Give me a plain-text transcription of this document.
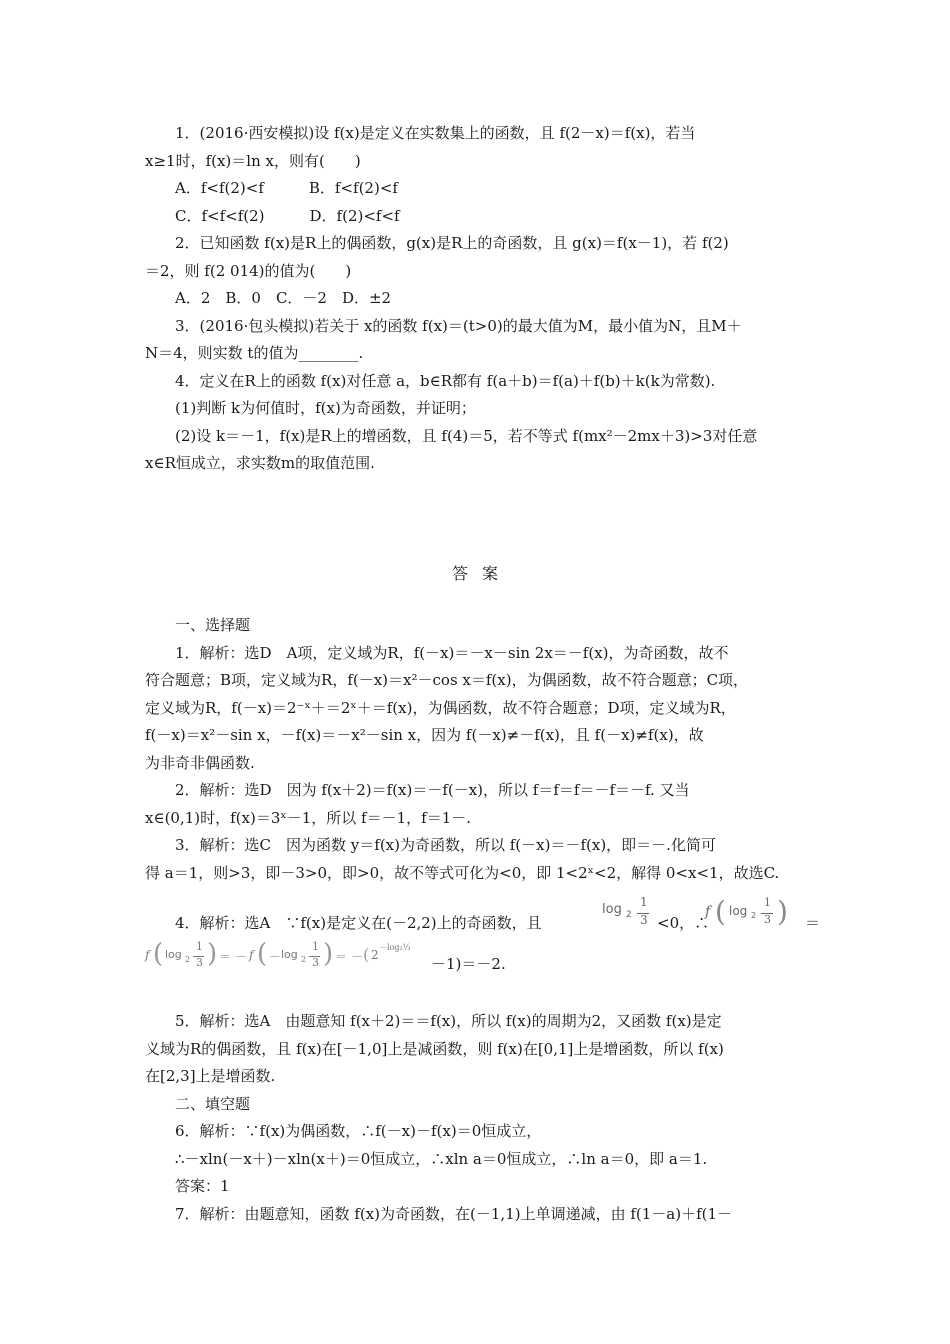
1．(2016·西安模拟)设 f(x)是定义在实数集上的函数，且 f(2－x)＝f(x)，若当
x≥1时，f(x)＝ln x，则有(　　)
A．f<f(2)<f　　　B．f<f(2)<f
C．f<f<f(2)　　　D．f(2)<f<f
2．已知函数 f(x)是R上的偶函数，g(x)是R上的奇函数，且 g(x)＝f(x－1)，若 f(2)
＝2，则 f(2 014)的值为(　　)
A．2　B．0　C．－2　D．±2
3．(2016·包头模拟)若关于 x的函数 f(x)＝(t>0)的最大值为M，最小值为N，且M＋
N＝4，则实数 t的值为________.
4．定义在R上的函数 f(x)对任意 a，b∈R都有 f(a＋b)＝f(a)＋f(b)＋k(k为常数).
(1)判断 k为何值时，f(x)为奇函数，并证明；
(2)设 k＝－1，f(x)是R上的增函数，且 f(4)＝5，若不等式 f(mx²－2mx＋3)>3对任意
x∈R恒成立，求实数m的取值范围.
答案
一、选择题
1．解析：选D　A项，定义域为R，f(－x)＝－x－sin 2x＝－f(x)，为奇函数，故不
符合题意；B项，定义域为R，f(－x)＝x²－cos x＝f(x)，为偶函数，故不符合题意；C项，
定义域为R，f(－x)＝2⁻ˣ＋＝2ˣ＋＝f(x)，为偶函数，故不符合题意；D项，定义域为R，
f(－x)＝x²－sin x，－f(x)＝－x²－sin x，因为 f(－x)≠－f(x)，且 f(－x)≠f(x)，故
为非奇非偶函数.
2．解析：选D　因为 f(x＋2)＝f(x)＝－f(－x)，所以 f＝f＝f＝－f＝－f. 又当
x∈(0,1)时，f(x)＝3ˣ－1，所以 f＝－1，f＝1－.
3．解析：选C　因为函数 y＝f(x)为奇函数，所以 f(－x)＝－f(x)，即＝－.化简可
得 a＝1，则>3，即－3>0，即>0，故不等式可化为<0，即 1<2ˣ<2，解得 0<x<1，故选C.
4．解析：选A　∵f(x)是定义在(－2,2)上的奇函数，且
log 2
1
3 <0，∴
f ( log 2
1
3 ) ＝
f ( log 2
1
3 ) ＝ － f ( － log 2
1
3 ) ＝ － ( 2
－log₂⅓
－1)＝－2.
5．解析：选A　由题意知 f(x＋2)＝＝f(x)，所以 f(x)的周期为2，又函数 f(x)是定
义域为R的偶函数，且 f(x)在[－1,0]上是减函数，则 f(x)在[0,1]上是增函数，所以 f(x)
在[2,3]上是增函数.
二、填空题
6．解析：∵f(x)为偶函数，∴f(－x)－f(x)＝0恒成立，
∴－xln(－x＋)－xln(x＋)＝0恒成立，∴xln a＝0恒成立，∴ln a＝0，即 a＝1.
答案：1
7．解析：由题意知，函数 f(x)为奇函数，在(－1,1)上单调递减，由 f(1－a)＋f(1－
